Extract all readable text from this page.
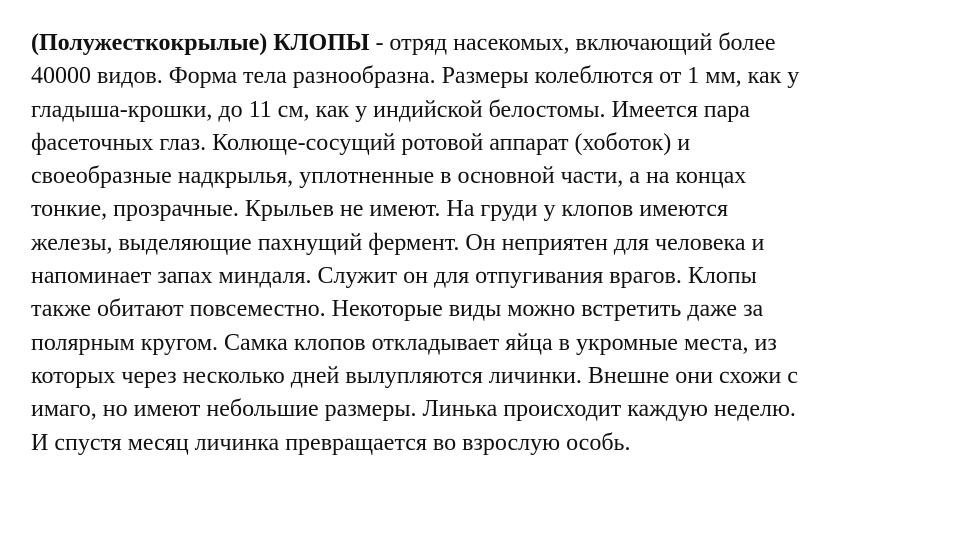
(Полужесткокрылые) КЛОПЫ - отряд насекомых, включающий более
40000 видов. Форма тела разнообразна. Размеры колеблются от 1 мм, как у
гладыша-крошки, до 11 см, как у индийской белостомы. Имеется пара
фасеточных глаз. Колюще-сосущий ротовой аппарат (хоботок) и
своеобразные надкрылья, уплотненные в основной части, а на концах
тонкие, прозрачные. Крыльев не имеют. На груди у клопов имеются
железы, выделяющие пахнущий фермент. Он неприятен для человека и
напоминает запах миндаля. Служит он для отпугивания врагов. Клопы
также обитают повсеместно. Некоторые виды можно встретить даже за
полярным кругом. Самка клопов откладывает яйца в укромные места, из
которых через несколько дней вылупляются личинки. Внешне они схожи с
имаго, но имеют небольшие размеры. Линька происходит каждую неделю.
И спустя месяц личинка превращается во взрослую особь.
